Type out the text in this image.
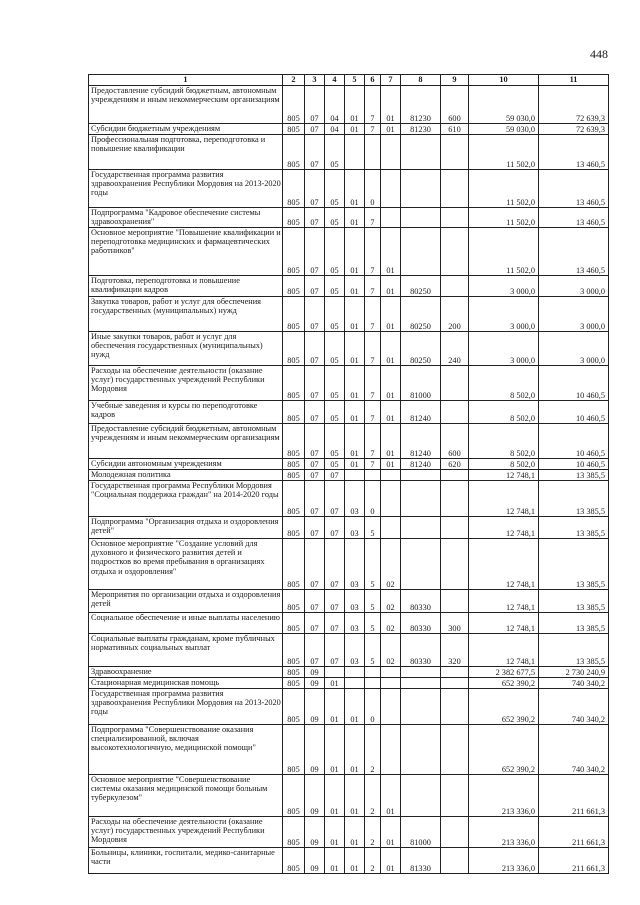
448
1	2	3	4	5	6	7	8	9	10	11
Предоставление субсидий бюджетным, автономным учреждениям и иным некоммерческим организациям	805	07	04	01	7	01	81230	600	59 030,0	72 639,3
Субсидии бюджетным учреждениям	805	07	04	01	7	01	81230	610	59 030,0	72 639,3
Профессиональная подготовка, переподготовка и повышение квалификации	805	07	05						11 502,0	13 460,5
Государственная программа развития здравоохранения Республики Мордовия на 2013-2020 годы	805	07	05	01	0				11 502,0	13 460,5
Подпрограмма "Кадровое обеспечение системы здравоохранения"	805	07	05	01	7				11 502,0	13 460,5
Основное мероприятие "Повышение квалификации и переподготовка медицинских и фармацевтических работников"	805	07	05	01	7	01			11 502,0	13 460,5
Подготовка, переподготовка и повышение квалификации кадров	805	07	05	01	7	01	80250		3 000,0	3 000,0
Закупка товаров, работ и услуг для обеспечения государственных (муниципальных) нужд	805	07	05	01	7	01	80250	200	3 000,0	3 000,0
Иные закупки товаров, работ и услуг для обеспечения государственных (муниципальных) нужд	805	07	05	01	7	01	80250	240	3 000,0	3 000,0
Расходы на обеспечение деятельности (оказание услуг) государственных учреждений Республики Мордовия	805	07	05	01	7	01	81000		8 502,0	10 460,5
Учебные заведения и курсы по переподготовке кадров	805	07	05	01	7	01	81240		8 502,0	10 460,5
Предоставление субсидий бюджетным, автономным учреждениям и иным некоммерческим организациям	805	07	05	01	7	01	81240	600	8 502,0	10 460,5
Субсидии автономным учреждениям	805	07	05	01	7	01	81240	620	8 502,0	10 460,5
Молодежная политика	805	07	07						12 748,1	13 385,5
Государственная программа Республики Мордовия "Социальная поддержка граждан" на 2014-2020 годы	805	07	07	03	0				12 748,1	13 385,5
Подпрограмма "Организация отдыха и оздоровления детей"	805	07	07	03	5				12 748,1	13 385,5
Основное мероприятие "Создание условий для духовного и физического развития детей и подростков во время пребывания в организациях отдыха и оздоровления"	805	07	07	03	5	02			12 748,1	13 385,5
Мероприятия по организации отдыха и оздоровления детей	805	07	07	03	5	02	80330		12 748,1	13 385,5
Социальное обеспечение и иные выплаты населению	805	07	07	03	5	02	80330	300	12 748,1	13 385,5
Социальные выплаты гражданам, кроме публичных нормативных социальных выплат	805	07	07	03	5	02	80330	320	12 748,1	13 385,5
Здравоохранение	805	09							2 382 677,5	2 730 240,9
Стационарная медицинская помощь	805	09	01						652 390,2	740 340,2
Государственная программа развития здравоохранения Республики Мордовия на 2013-2020 годы	805	09	01	01	0				652 390,2	740 340,2
Подпрограмма "Совершенствование оказания специализированной, включая высокотехнологичную, медицинской помощи"	805	09	01	01	2				652 390,2	740 340,2
Основное мероприятие "Совершенствование системы оказания медицинской помощи больным туберкулезом"	805	09	01	01	2	01			213 336,0	211 661,3
Расходы на обеспечение деятельности (оказание услуг) государственных учреждений Республики Мордовия	805	09	01	01	2	01	81000		213 336,0	211 661,3
Больницы, клиники, госпитали, медико-санитарные части	805	09	01	01	2	01	81330		213 336,0	211 661,3
